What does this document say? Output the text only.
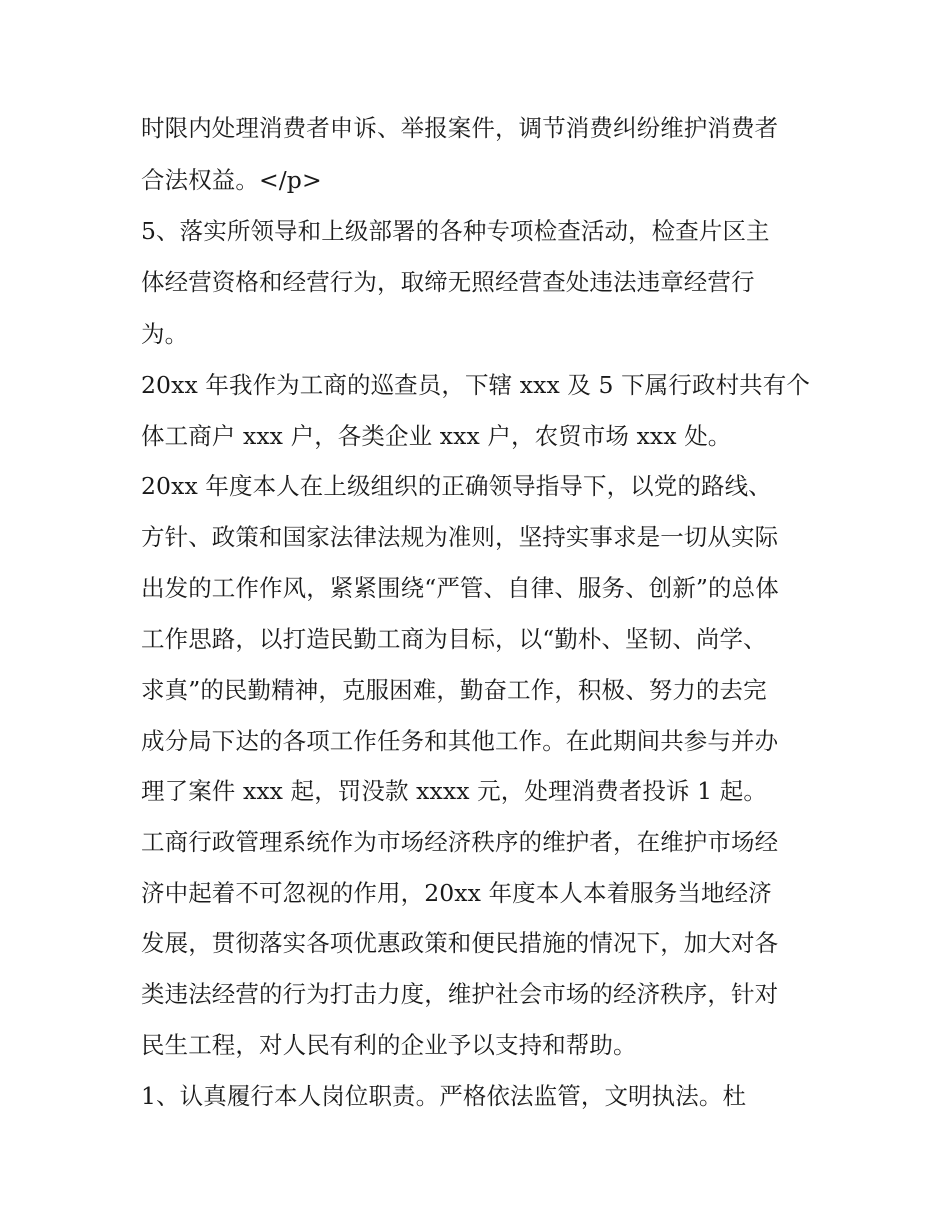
时限内处理消费者申诉、举报案件，调节消费纠纷维护消费者
合法权益。</p>
5、落实所领导和上级部署的各种专项检查活动，检查片区主
体经营资格和经营行为，取缔无照经营查处违法违章经营行
为。
20xx 年我作为工商的巡查员，下辖 xxx 及 5 下属行政村共有个
体工商户 xxx 户，各类企业 xxx 户，农贸市场 xxx 处。
20xx 年度本人在上级组织的正确领导指导下，以党的路线、
方针、政策和国家法律法规为准则，坚持实事求是一切从实际
出发的工作作风，紧紧围绕“严管、自律、服务、创新”的总体
工作思路，以打造民勤工商为目标，以“勤朴、坚韧、尚学、
求真”的民勤精神，克服困难，勤奋工作，积极、努力的去完
成分局下达的各项工作任务和其他工作。在此期间共参与并办
理了案件 xxx 起，罚没款 xxxx 元，处理消费者投诉 1 起。
工商行政管理系统作为市场经济秩序的维护者，在维护市场经
济中起着不可忽视的作用，20xx 年度本人本着服务当地经济
发展，贯彻落实各项优惠政策和便民措施的情况下，加大对各
类违法经营的行为打击力度，维护社会市场的经济秩序，针对
民生工程，对人民有利的企业予以支持和帮助。
1、认真履行本人岗位职责。严格依法监管，文明执法。杜
